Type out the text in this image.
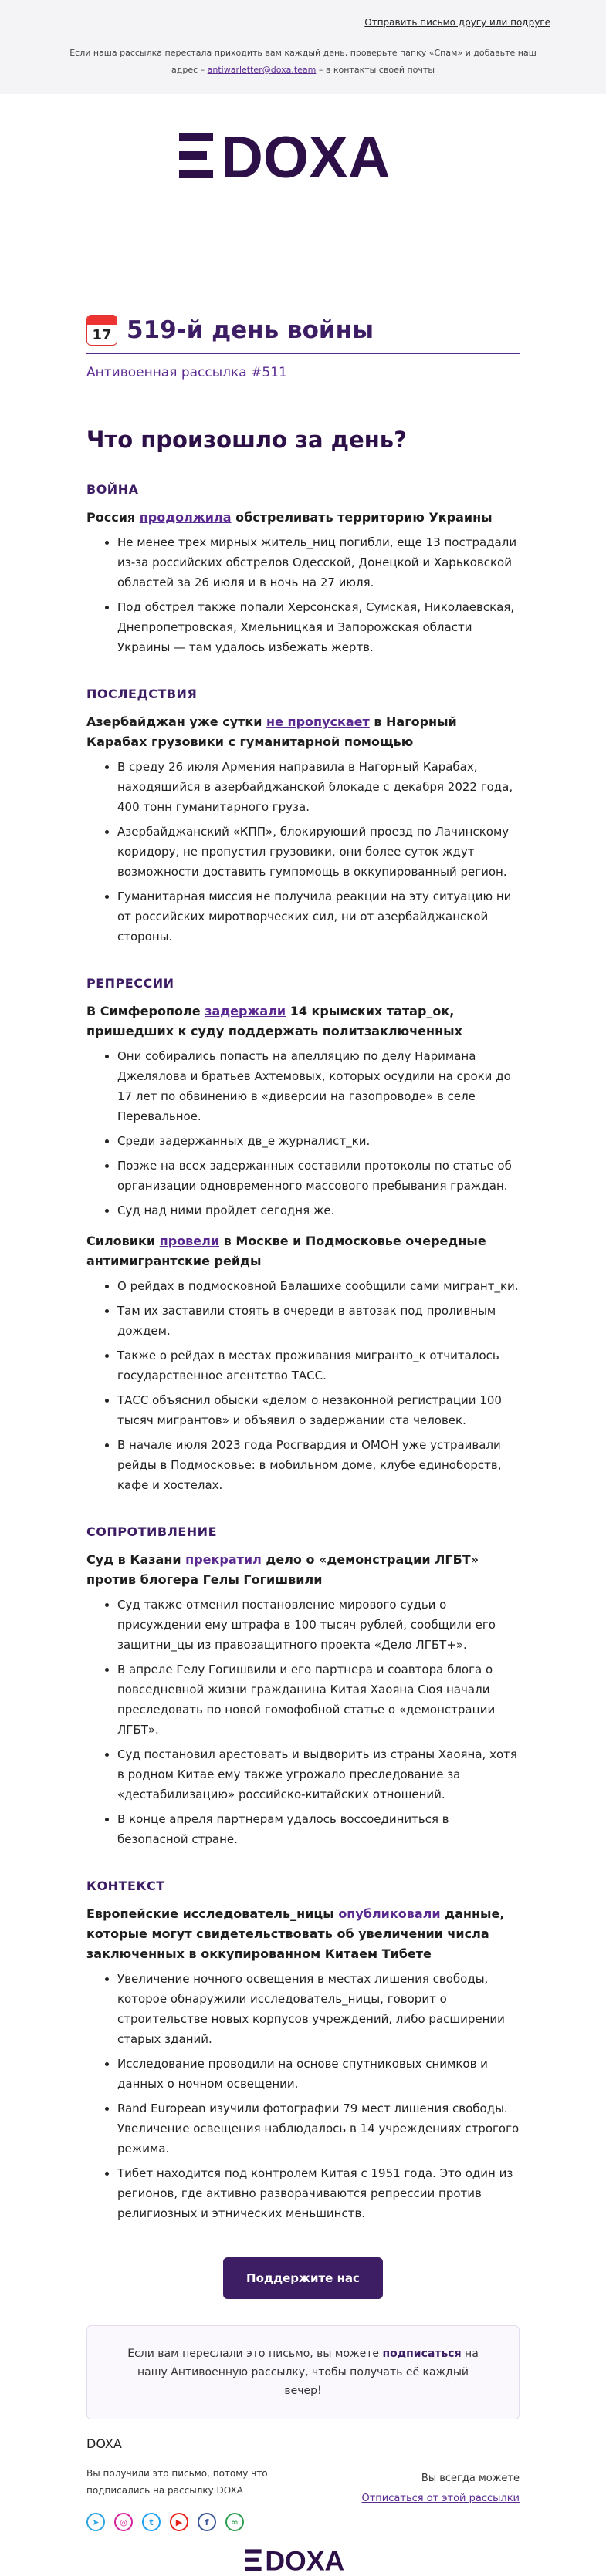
Отправить письмо другу или подруге
Если наша рассылка перестала приходить вам каждый день, проверьте папку «Спам» и добавьте наш адрес – antiwarletter@doxa.team – в контакты своей почты
DOXA
17 519-й день войны
Антивоенная рассылка #511
Что произошло за день?
ВОЙНА
Россия продолжила обстреливать территорию Украины
• Не менее трех мирных житель_ниц погибли, еще 13 пострадали из-за российских обстрелов Одесской, Донецкой и Харьковской областей за 26 июля и в ночь на 27 июля.
• Под обстрел также попали Херсонская, Сумская, Николаевская, Днепропетровская, Хмельницкая и Запорожская области Украины — там удалось избежать жертв.
ПОСЛЕДСТВИЯ
Азербайджан уже сутки не пропускает в Нагорный Карабах грузовики с гуманитарной помощью
• В среду 26 июля Армения направила в Нагорный Карабах, находящийся в азербайджанской блокаде с декабря 2022 года, 400 тонн гуманитарного груза.
• Азербайджанский «КПП», блокирующий проезд по Лачинскому коридору, не пропустил грузовики, они более суток ждут возможности доставить гумпомощь в оккупированный регион.
• Гуманитарная миссия не получила реакции на эту ситуацию ни от российских миротворческих сил, ни от азербайджанской стороны.
РЕПРЕССИИ
В Симферополе задержали 14 крымских татар_ок, пришедших к суду поддержать политзаключенных
• Они собирались попасть на апелляцию по делу Наримана Джелялова и братьев Ахтемовых, которых осудили на сроки до 17 лет по обвинению в «диверсии на газопроводе» в селе Перевальное.
• Среди задержанных дв_е журналист_ки.
• Позже на всех задержанных составили протоколы по статье об организации одновременного массового пребывания граждан.
• Суд над ними пройдет сегодня же.
Силовики провели в Москве и Подмосковье очередные антимигрантские рейды
• О рейдах в подмосковной Балашихе сообщили сами мигрант_ки.
• Там их заставили стоять в очереди в автозак под проливным дождем.
• Также о рейдах в местах проживания мигранто_к отчиталось государственное агентство ТАСС.
• ТАСС объяснил обыски «делом о незаконной регистрации 100 тысяч мигрантов» и объявил о задержании ста человек.
• В начале июля 2023 года Росгвардия и ОМОН уже устраивали рейды в Подмосковье: в мобильном доме, клубе единоборств, кафе и хостелах.
СОПРОТИВЛЕНИЕ
Суд в Казани прекратил дело о «демонстрации ЛГБТ» против блогера Гелы Гогишвили
• Суд также отменил постановление мирового судьи о присуждении ему штрафа в 100 тысяч рублей, сообщили его защитни_цы из правозащитного проекта «Дело ЛГБТ+».
• В апреле Гелу Гогишвили и его партнера и соавтора блога о повседневной жизни гражданина Китая Хаояна Сюя начали преследовать по новой гомофобной статье о «демонстрации ЛГБТ».
• Суд постановил арестовать и выдворить из страны Хаояна, хотя в родном Китае ему также угрожало преследование за «дестабилизацию» российско-китайских отношений.
• В конце апреля партнерам удалось воссоединиться в безопасной стране.
КОНТЕКСТ
Европейские исследователь_ницы опубликовали данные, которые могут свидетельствовать об увеличении числа заключенных в оккупированном Китаем Тибете
• Увеличение ночного освещения в местах лишения свободы, которое обнаружили исследователь_ницы, говорит о строительстве новых корпусов учреждений, либо расширении старых зданий.
• Исследование проводили на основе спутниковых снимков и данных о ночном освещении.
• Rand European изучили фотографии 79 мест лишения свободы. Увеличение освещения наблюдалось в 14 учреждениях строгого режима.
• Тибет находится под контролем Китая с 1951 года. Это один из регионов, где активно разворачиваются репрессии против религиозных и этнических меньшинств.
Поддержите нас
Если вам переслали это письмо, вы можете подписаться на нашу Антивоенную рассылку, чтобы получать её каждый вечер!
DOXA
Вы получили это письмо, потому что подписались на рассылку DOXA
➤	◎	t	▶	f	∞
Вы всегда можете
Отписаться от этой рассылки
DOXA
